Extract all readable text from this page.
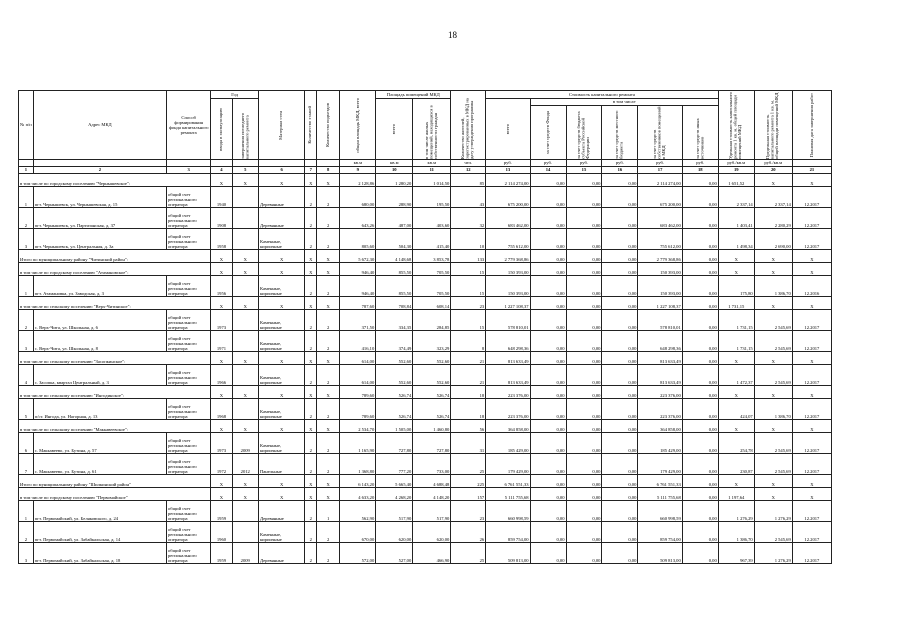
18
№ п/п	Адрес МКД	Способ формирования фонда капитального ремонта	Год		Материал стен	Количество этажей	Количество подъездов	общая площадь МКД, всего	Площадь помещений МКД		Количество жителей, зарегистрированных в МКД на дату утверждения программы	Стоимость капитального ремонта						Удельная стоимость капитального ремонта 1 кв. м. общей площади помещений МКД	Предельная стоимость капитального ремонта 1 кв. м. общей площади помещений МКД	Плановая дата завершения работ

			ввода в эксплуатацию	завершения последнего капитального ремонта					всего	в том числе жилых помещений, находящихся в собственности граждан		всего	в том числе							

													за счет средств Фонда	за счет средств бюджета субъекта Российской Федерации	за счет средств местного бюджета	за счет средств собственников помещений в МКД	за счет средств иных источников			

								кв.м	кв.м	кв.м	чел.	руб.	руб.	руб.	руб.	руб.	руб.	руб./кв.м	руб./кв.м	
1	2	3	4	5	6	7	8	9	10	11	12	13	14	15	16	17	18	19	20	21
в том числе по городскому поселению "Чернышевское":			X	X	X	X	X	2 128,86	1 280,20	1 014,50	85	2 114 274,00	0,00	0,00	0,00	2 114 274,00	0,00	1 651,52	X	X
1	пгт. Чернышевск, ул. Чернышевская, д. 15	общий счет регионального оператора	1940		Деревянные	2	2	680,00	288,90	195,50	43	675 200,00	0,00	0,00	0,00	675 200,00	0,00	2 337,14	2 337,14	12.2017
2	пгт. Чернышевск, ул. Партизанская, д. 37	общий счет регионального оператора	1908		Деревянные	2	2	643,26	487,00	403,60	32	683 462,00	0,00	0,00	0,00	683 462,00	0,00	1 403,41	2 280,29	12.2017
3	пгт. Чернышевск, ул. Центральная, д. 3а	общий счет регионального оператора	1958		Каменные, кирпичные	2	2	805,60	504,30	415,40	10	755 612,00	0,00	0,00	0,00	755 612,00	0,00	1 498,34	2 690,00	12.2017
Итого по муниципальному району "Читинский район":			X	X	X	X	X	5 672,30	4 148,68	3 853,78	133	2 779 368,86	0,00	0,00	0,00	2 779 368,86	0,00	X	X	X
в том числе по городскому поселению "Атамановское":			X	X	X	X	X	946,40	855,50	705,50	15	150 393,00	0,00	0,00	0,00	150 393,00	0,00	X	X	X
1	пгт. Атамановка, ул. Заводская, д. 3	общий счет регионального оператора	1956		Каменные, кирпичные	2	2	946,40	855,50	705,50	15	150 393,00	0,00	0,00	0,00	150 393,00	0,00	175,80	1 386,70	12.2016
в том числе по сельскому поселению "Верх-Читинское":			X	X	X	X	X	787,60	708,84	608,14	23	1 227 108,37	0,00	0,00	0,00	1 227 108,37	0,00	1 731,15	X	X
2	с. Верх-Чита, ул. Школьная, д. 6	общий счет регионального оператора	1973		Каменные, кирпичные	2	2	371,50	334,35	284,85	15	578 810,01	0,00	0,00	0,00	578 810,01	0,00	1 731,15	2 545,69	12.2017
3	с. Верх-Чита, ул. Школьная, д. 8	общий счет регионального оператора	1971		Каменные, кирпичные	2	2	416,10	374,49	323,29	8	648 298,36	0,00	0,00	0,00	648 298,36	0,00	1 731,15	2 545,69	12.2017
в том числе по сельскому поселению "Засопкинское":			X	X	X	X	X	614,00	552,60	552,60	21	813 633,49	0,00	0,00	0,00	813 633,49	0,00	X	X	X
4	с. Засопка, квартал Центральный, д. 3	общий счет регионального оператора	1966		Каменные, кирпичные	2	2	614,00	552,60	552,60	21	813 633,49	0,00	0,00	0,00	813 633,49	0,00	1 472,37	2 545,69	12.2017
в том числе по сельскому поселению "Ингодинское":			X	X	X	X	X	789,60	526,74	526,74	18	223 376,00	0,00	0,00	0,00	223 376,00	0,00	X	X	X
5	п/ст. Ингода, ул. Нагорная, д. 13	общий счет регионального оператора	1968		Каменные, кирпичные	2	2	789,60	526,74	526,74	18	223 376,00	0,00	0,00	0,00	223 376,00	0,00	424,07	1 386,70	12.2017
в том числе по сельскому поселению "Маккавеевское":			X	X	X	X	X	2 534,70	1 505,00	1 460,80	56	364 858,00	0,00	0,00	0,00	364 858,00	0,00	X	X	X
6	с. Маккавеево, ул. Бутина, д. 57	общий счет регионального оператора	1973	2009	Каменные, кирпичные	2	2	1 165,90	727,80	727,80	31	185 429,00	0,00	0,00	0,00	185 429,00	0,00	254,78	2 545,69	12.2017
7	с. Маккавеево, ул. Бутина, д. 61	общий счет регионального оператора	1972	2012	Панельные	2	2	1 368,80	777,20	733,00	25	179 429,00	0,00	0,00	0,00	179 429,00	0,00	230,87	2 545,69	12.2017
Итого по муниципальному району "Шилкинский район"			X	X	X	X	X	6 143,20	5 665,40	4 688,48	225	6 761 551,33	0,00	0,00	0,00	6 761 551,33	0,00	X	X	X
в том числе по городскому поселению "Первомайское"			X	X	X	X	X	4 633,20	4 268,20	4 148,20	157	5 111 755,68	0,00	0,00	0,00	5 111 755,68	0,00	1 197,64	X	X
1	пгт. Первомайский, ул. Беляковского, д. 24	общий счет регионального оператора	1959		Деревянные	2	1	562,90	517,90	517,90	23	660 998,59	0,00	0,00	0,00	660 998,59	0,00	1 276,29	1 276,29	12.2017
2	пгт. Первомайский, ул. Забайкальская, д. 14	общий счет регионального оператора	1960		Каменные, кирпичные	2	2	670,00	620,00	620,00	26	859 754,00	0,00	0,00	0,00	859 754,00	0,00	1 386,70	2 545,69	12.2017
3	пгт. Первомайский, ул. Забайкальская, д. 18	общий счет регионального оператора	1959	2009	Деревянные	2	2	572,00	527,00	466,90	25	509 813,00	0,00	0,00	0,00	509 813,00	0,00	967,39	1 276,29	12.2017
